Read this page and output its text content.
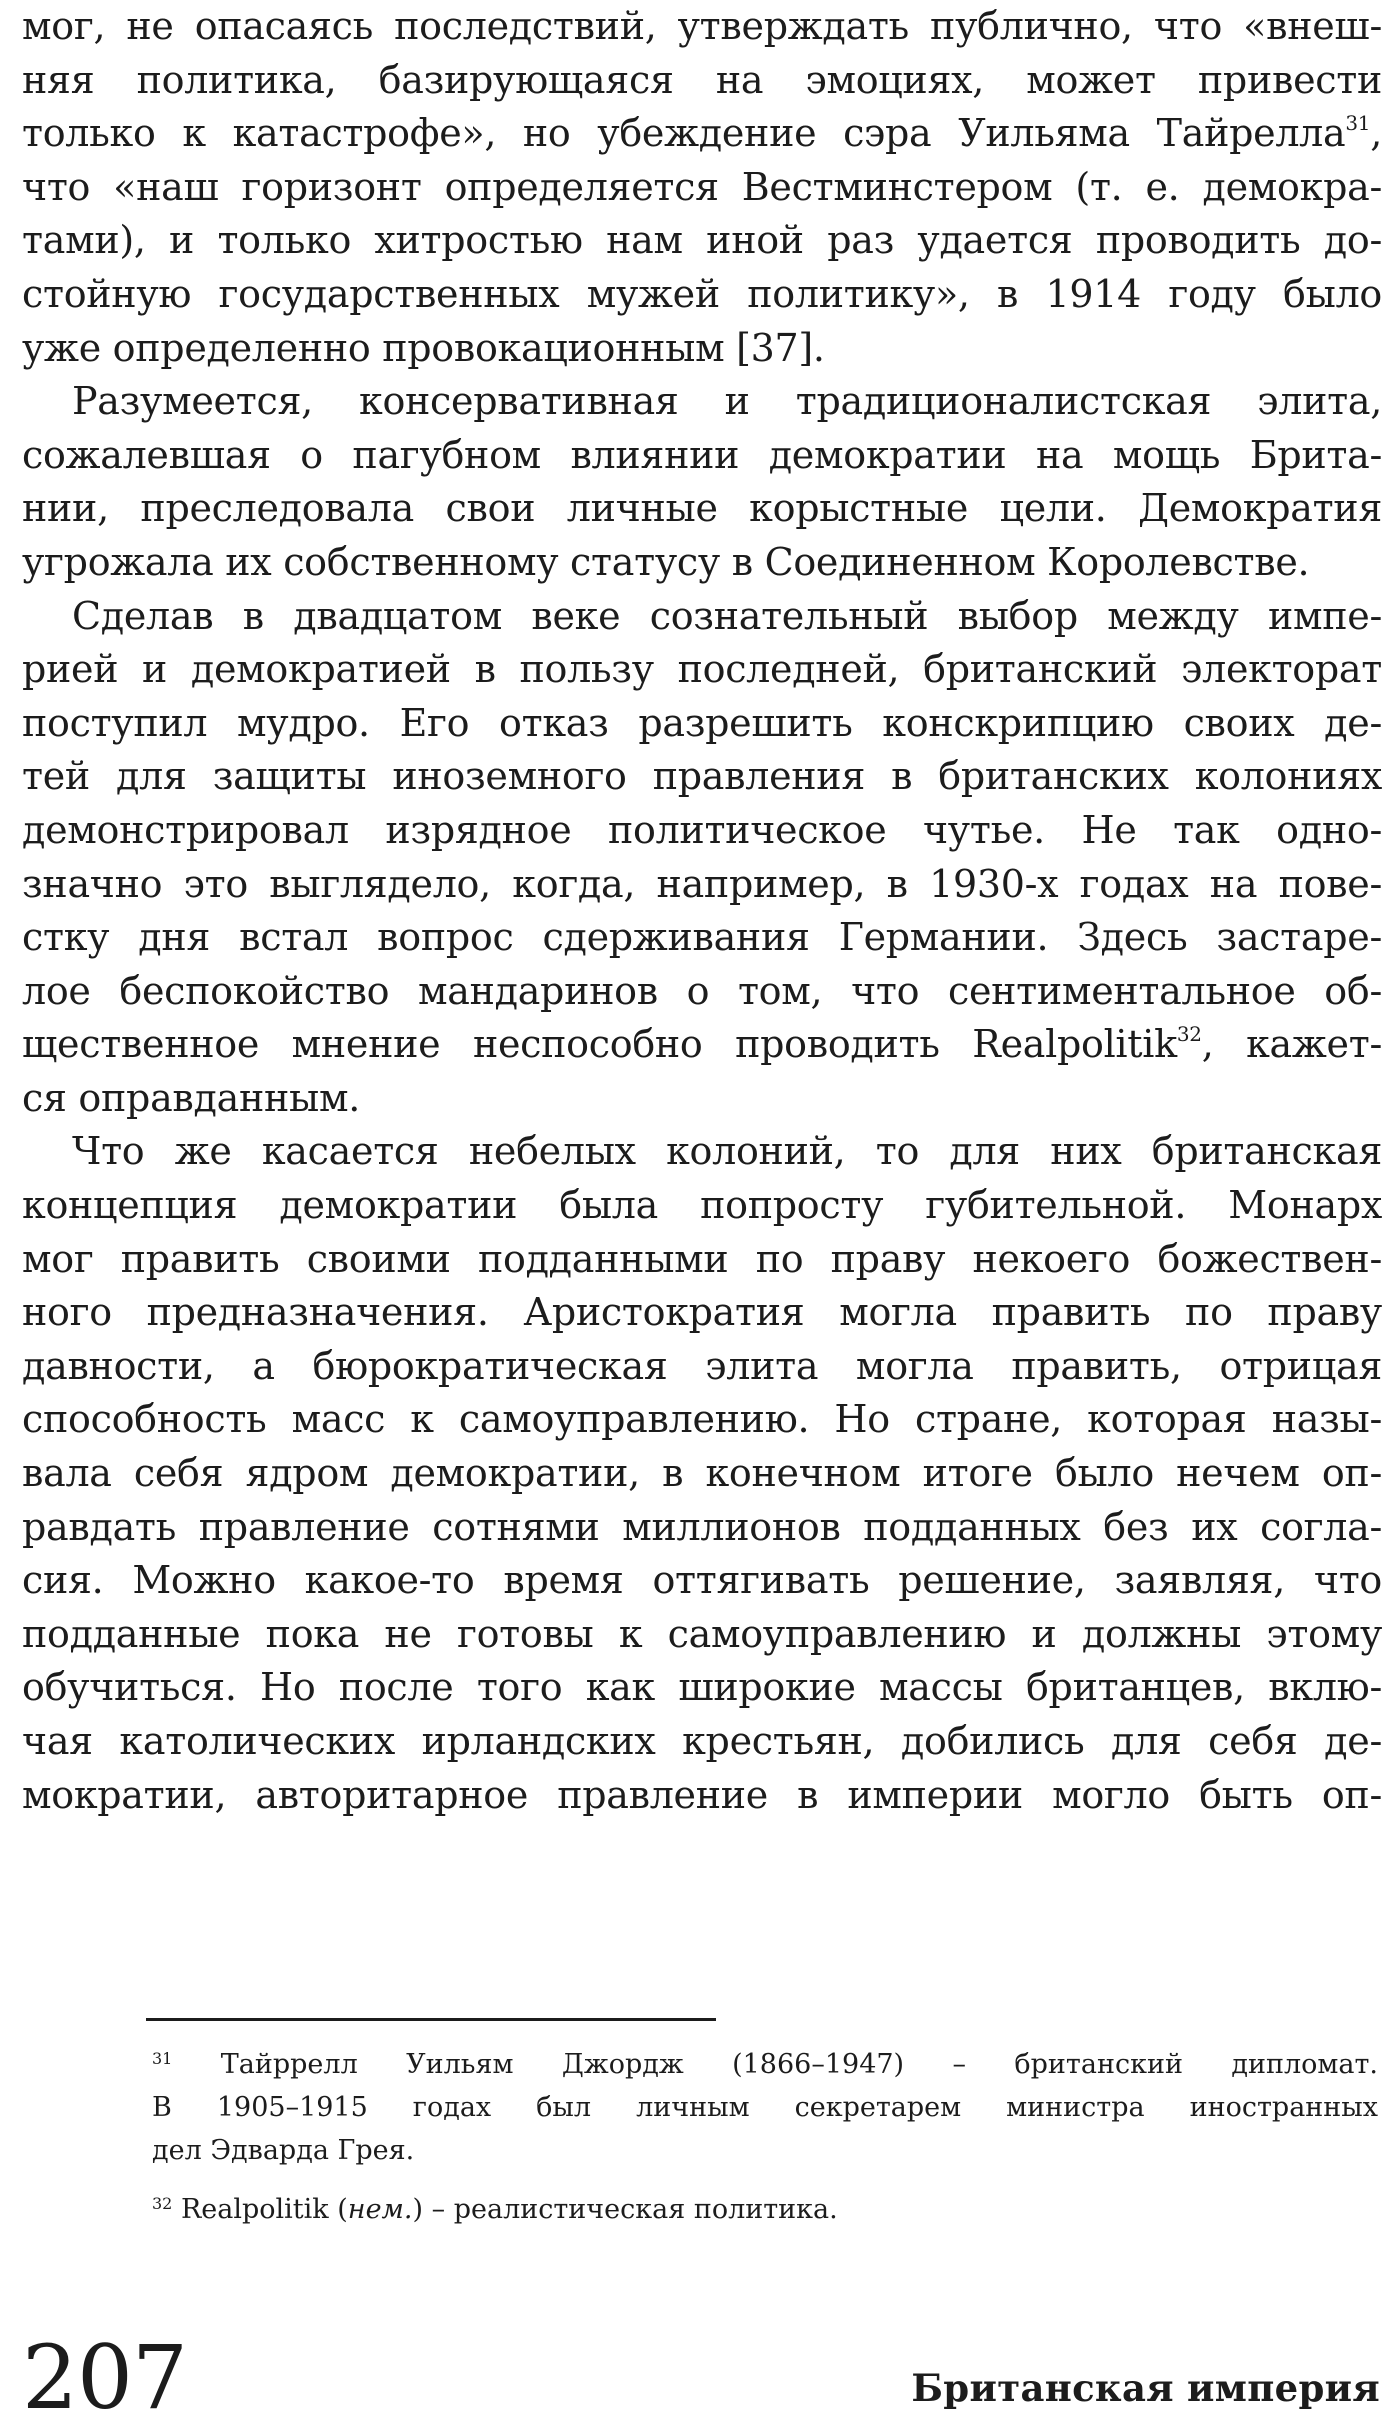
мог, не опасаясь последствий, утверждать публично, что «внеш-
няя политика, базирующаяся на эмоциях, может привести
только к катастрофе», но убеждение сэра Уильяма Тайрелла$^{31}$,
что «наш горизонт определяется Вестминстером (т. е. демокра-
тами), и только хитростью нам иной раз удается проводить до-
стойную государственных мужей политику», в 1914 году было
уже определенно провокационным [37].
Разумеется, консервативная и традиционалистская элита,
сожалевшая о пагубном влиянии демократии на мощь Брита-
нии, преследовала свои личные корыстные цели. Демократия
угрожала их собственному статусу в Соединенном Королевстве.
Сделав в двадцатом веке сознательный выбор между импе-
рией и демократией в пользу последней, британский электорат
поступил мудро. Его отказ разрешить конскрипцию своих де-
тей для защиты иноземного правления в британских колониях
демонстрировал изрядное политическое чутье. Не так одно-
значно это выглядело, когда, например, в 1930-х годах на пове-
стку дня встал вопрос сдерживания Германии. Здесь застаре-
лое беспокойство мандаринов о том, что сентиментальное об-
щественное мнение неспособно проводить Realpolitik$^{32}$, кажет-
ся оправданным.
Что же касается небелых колоний, то для них британская
концепция демократии была попросту губительной. Монарх
мог править своими подданными по праву некоего божествен-
ного предназначения. Аристократия могла править по праву
давности, а бюрократическая элита могла править, отрицая
способность масс к самоуправлению. Но стране, которая назы-
вала себя ядром демократии, в конечном итоге было нечем оп-
равдать правление сотнями миллионов подданных без их согла-
сия. Можно какое-то время оттягивать решение, заявляя, что
подданные пока не готовы к самоуправлению и должны этому
обучиться. Но после того как широкие массы британцев, вклю-
чая католических ирландских крестьян, добились для себя де-
мократии, авторитарное правление в империи могло быть оп-
$^{31}$ Тайррелл Уильям Джордж (1866–1947) – британский дипломат.
В 1905–1915 годах был личным секретарем министра иностранных
дел Эдварда Грея.
$^{32}$ Realpolitik (нем.) – реалистическая политика.
207	Британская империя
